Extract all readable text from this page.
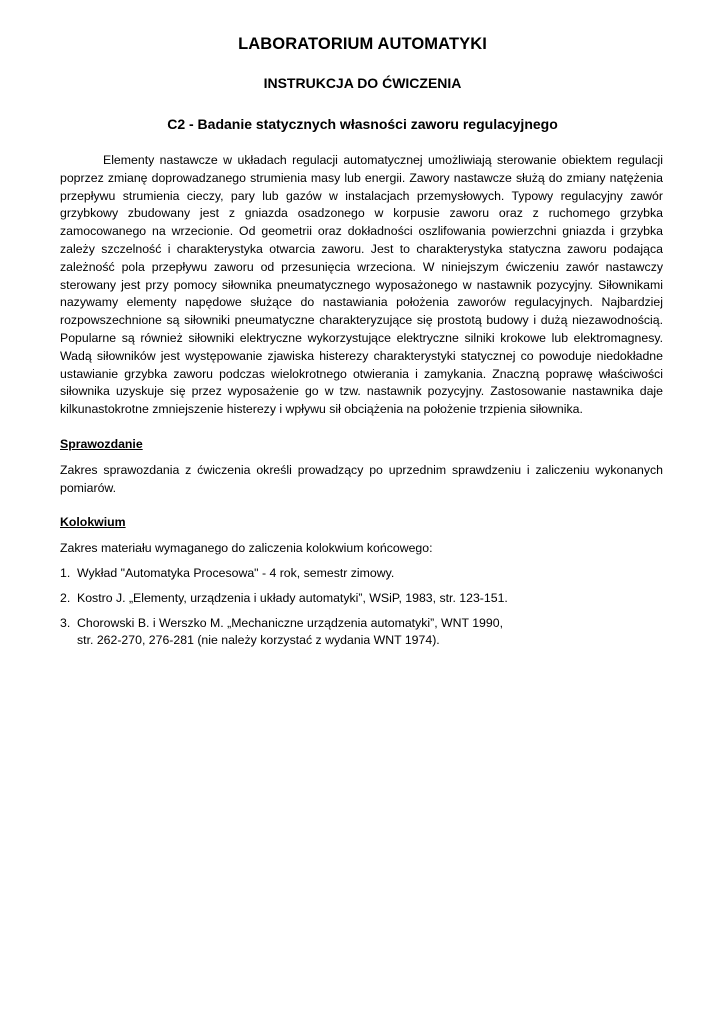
LABORATORIUM AUTOMATYKI
INSTRUKCJA DO ĆWICZENIA
C2 - Badanie statycznych własności zaworu regulacyjnego

Elementy nastawcze w układach regulacji automatycznej umożliwiają sterowanie obiektem regulacji poprzez zmianę doprowadzanego strumienia masy lub energii. Zawory nastawcze służą do zmiany natężenia przepływu strumienia cieczy, pary lub gazów w instalacjach przemysłowych. Typowy regulacyjny zawór grzybkowy zbudowany jest z gniazda osadzonego w korpusie zaworu oraz z ruchomego grzybka zamocowanego na wrzecionie. Od geometrii oraz dokładności oszlifowania powierzchni gniazda i grzybka zależy szczelność i charakterystyka otwarcia zaworu. Jest to charakterystyka statyczna zaworu podająca zależność pola przepływu zaworu od przesunięcia wrzeciona. W niniejszym ćwiczeniu zawór nastawczy sterowany jest przy pomocy siłownika pneumatycznego wyposażonego w nastawnik pozycyjny. Siłownikami nazywamy elementy napędowe służące do nastawiania położenia zaworów regulacyjnych. Najbardziej rozpowszechnione są siłowniki pneumatyczne charakteryzujące się prostotą budowy i dużą niezawodnością. Popularne są również siłowniki elektryczne wykorzystujące elektryczne silniki krokowe lub elektromagnesy. Wadą siłowników jest występowanie zjawiska histerezy charakterystyki statycznej co powoduje niedokładne ustawianie grzybka zaworu podczas wielokrotnego otwierania i zamykania. Znaczną poprawę właściwości siłownika uzyskuje się przez wyposażenie go w tzw. nastawnik pozycyjny. Zastosowanie nastawnika daje kilkunastokrotne zmniejszenie histerezy i wpływu sił obciążenia na położenie trzpienia siłownika.

Sprawozdanie

Zakres sprawozdania z ćwiczenia określi prowadzący po uprzednim sprawdzeniu i zaliczeniu wykonanych pomiarów.

Kolokwium

Zakres materiału wymaganego do zaliczenia kolokwium końcowego:

1. Wykład "Automatyka Procesowa" - 4 rok, semestr zimowy.
2. Kostro J. „Elementy, urządzenia i układy automatyki”, WSiP, 1983, str. 123-151.
3. Chorowski B. i Werszko M. „Mechaniczne urządzenia automatyki”, WNT 1990,
str. 262-270, 276-281 (nie należy korzystać z wydania WNT 1974).
